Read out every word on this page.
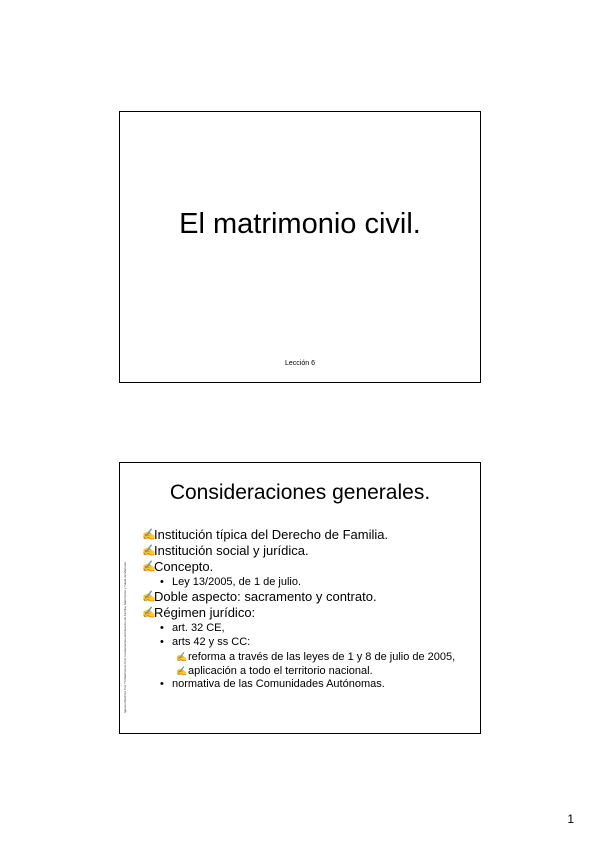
El matrimonio civil.
Lección 6
Consideraciones generales.
Ignacio Martínez Cid, T6 Matrimonio Civil. Fundamentos del Derecho de Familia, Matrimonio y Tutela de Menores
✍
Institución típica del Derecho de Familia.
✍
Institución social y jurídica.
✍
Concepto.
• Ley 13/2005, de 1 de julio.
✍
Doble aspecto: sacramento y contrato.
✍
Régimen jurídico:
• art. 32 CE,
• arts 42 y ss CC:
✍ reforma a través de las leyes de 1 y 8 de julio de 2005,
✍ aplicación a todo el territorio nacional.
• normativa de las Comunidades Autónomas.
1
